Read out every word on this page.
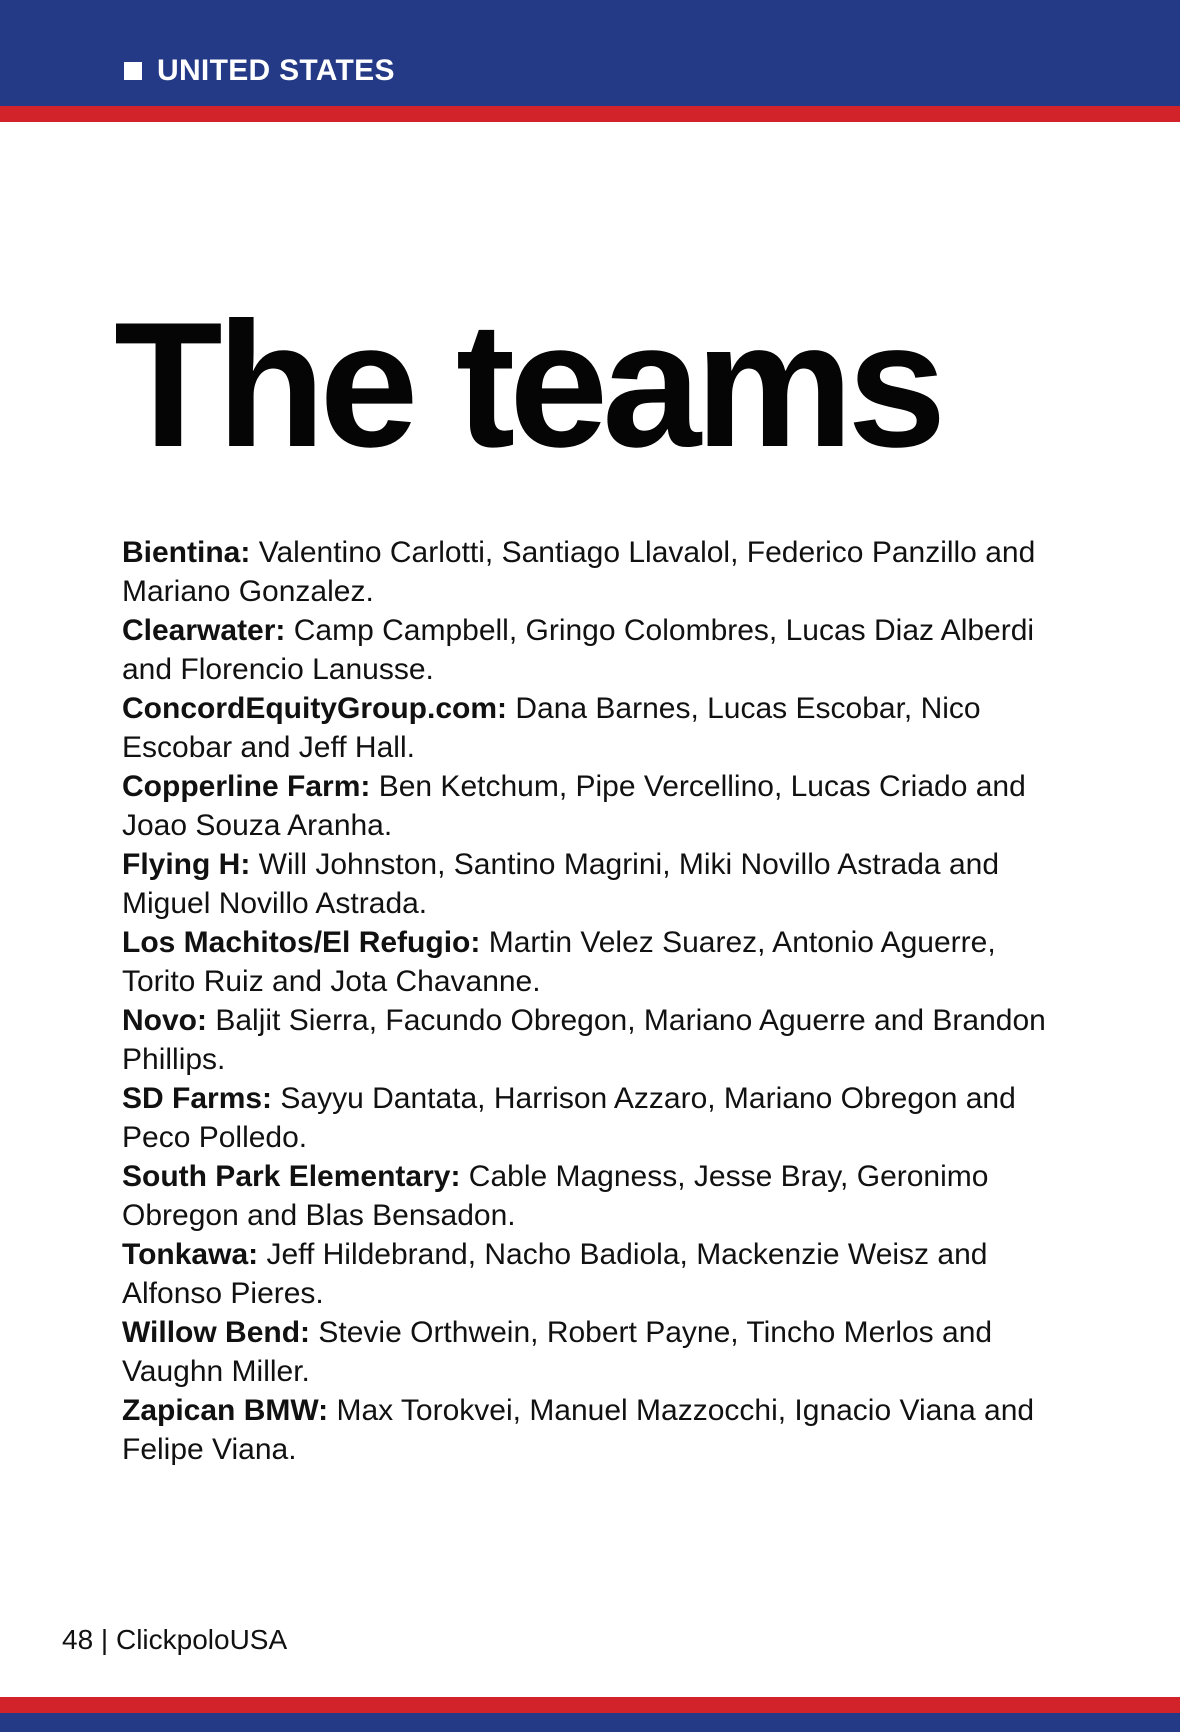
UNITED STATES
The teams
Bientina: Valentino Carlotti, Santiago Llavalol, Federico Panzillo and Mariano Gonzalez.
Clearwater: Camp Campbell, Gringo Colombres, Lucas Diaz Alberdi and Florencio Lanusse.
ConcordEquityGroup.com: Dana Barnes, Lucas Escobar, Nico Escobar and Jeff Hall.
Copperline Farm: Ben Ketchum, Pipe Vercellino, Lucas Criado and Joao Souza Aranha.
Flying H: Will Johnston, Santino Magrini, Miki Novillo Astrada and Miguel Novillo Astrada.
Los Machitos/El Refugio: Martin Velez Suarez, Antonio Aguerre, Torito Ruiz and Jota Chavanne.
Novo: Baljit Sierra, Facundo Obregon, Mariano Aguerre and Brandon Phillips.
SD Farms: Sayyu Dantata, Harrison Azzaro, Mariano Obregon and Peco Polledo.
South Park Elementary: Cable Magness, Jesse Bray, Geronimo Obregon and Blas Bensadon.
Tonkawa: Jeff Hildebrand, Nacho Badiola, Mackenzie Weisz and Alfonso Pieres.
Willow Bend: Stevie Orthwein, Robert Payne, Tincho Merlos and Vaughn Miller.
Zapican BMW: Max Torokvei, Manuel Mazzocchi, Ignacio Viana and Felipe Viana.
48 | ClickpoloUSA
